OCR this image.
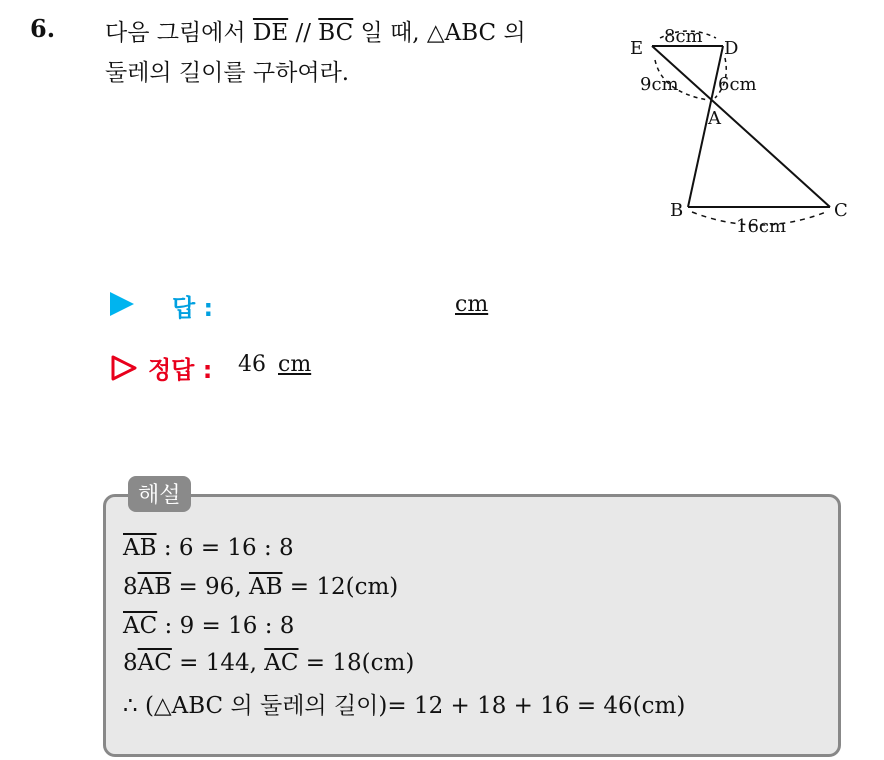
6. 다음 그림에서 $\overline{DE} // \overline{BC}$ 일 때, △ABC 의
둘레의 길이를 구하여라.
E	D
A
B	C
8cm
9cm 6cm
16cm
답 :	cm
정답 : 46 cm
해설
$\overline{AB}$ : 6 = 16 : 8
$8\overline{AB} = 96$, $\overline{AB} = 12(cm)$
$\overline{AC}$ : 9 = 16 : 8
$8\overline{AC} = 144$, $\overline{AC} = 18(cm)$
∴ (△ABC 의 둘레의 길이)= 12 + 18 + 16 = 46(cm)
